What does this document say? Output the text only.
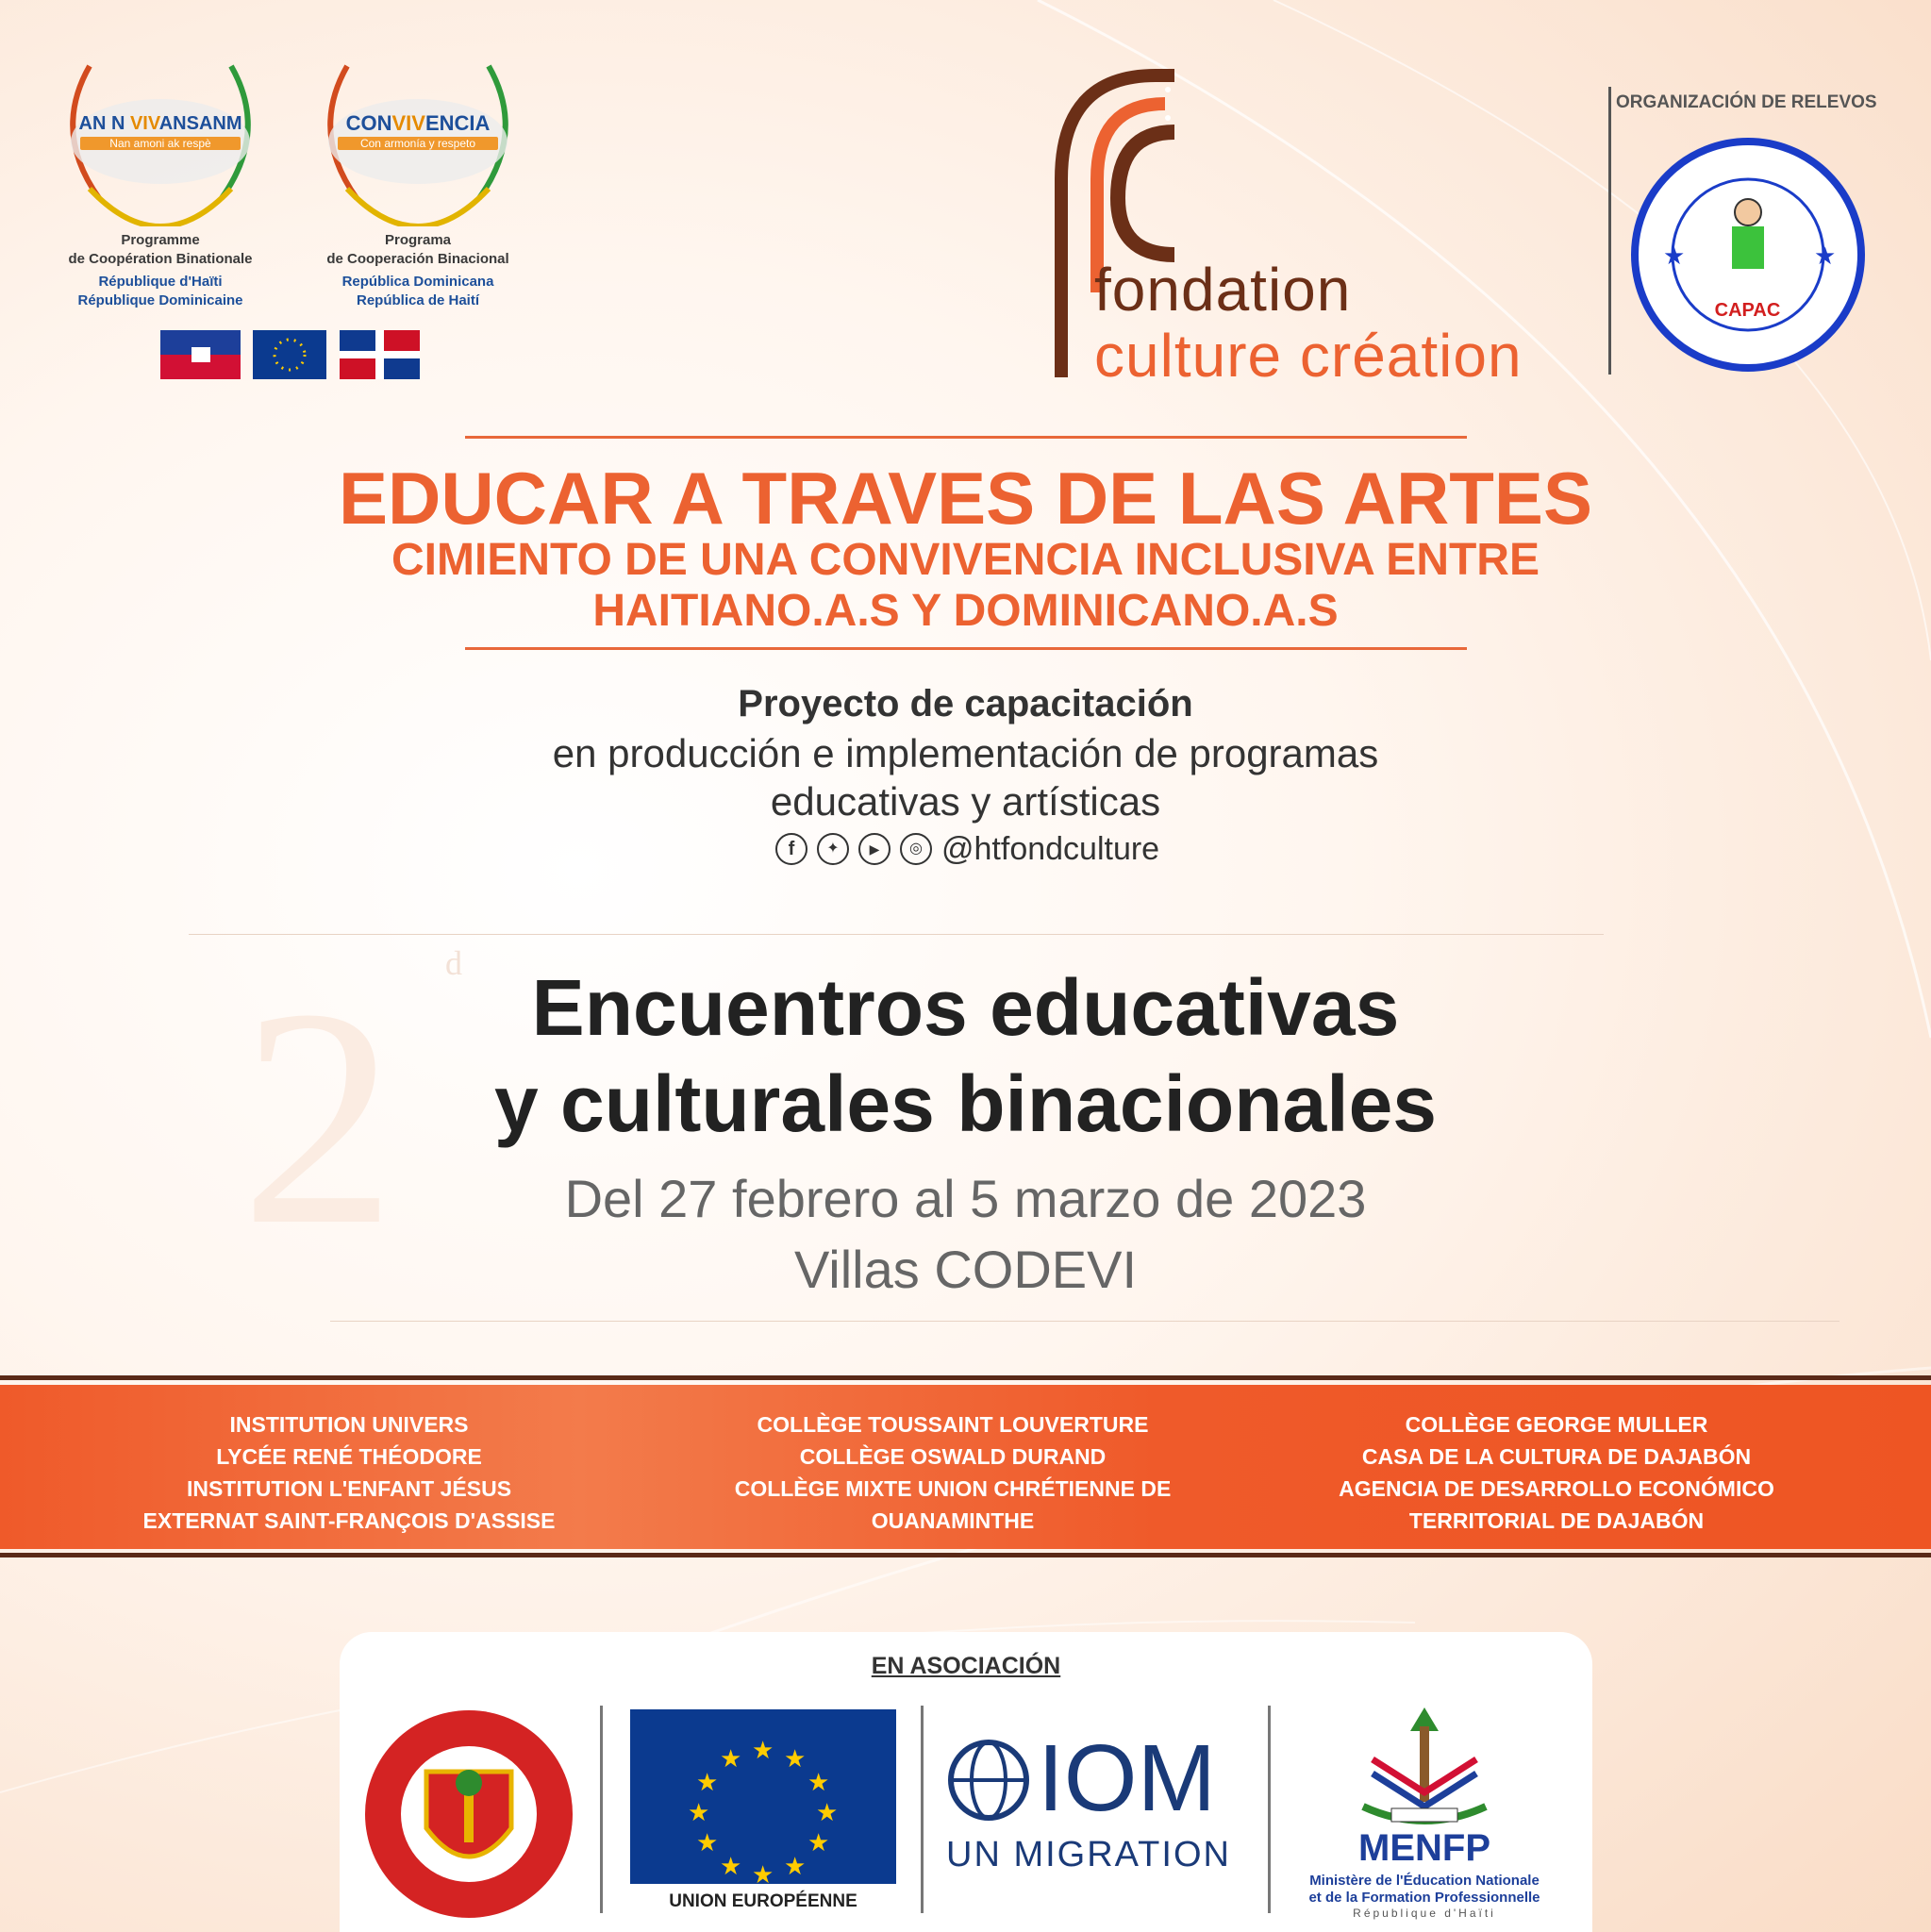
AN N VIVANSANM
Nan amoni ak respè
Programme
de Coopération Binationale
République d'Haïti
République Dominicaine
CONVIVENCIA
Con armonía y respeto
Programa
de Cooperación Binacional
República Dominicana
República de Haití	fondation
culture création
ORGANIZACIÓN DE RELEVOS
★	★
CAPAC
EDUCAR A TRAVES DE LAS ARTES
CIMIENTO DE UNA CONVIVENCIA INCLUSIVA ENTRE
HAITIANO.A.S Y DOMINICANO.A.S
Proyecto de capacitación
en producción e implementación de programas
educativas y artísticas
f	✦	▶	◎ @htfondculture
2 d Encuentros educativas
y culturales binacionales
Del 27 febrero al 5 marzo de 2023
Villas CODEVI
INSTITUTION UNIVERS
LYCÉE RENÉ THÉODORE
INSTITUTION L'ENFANT JÉSUS
EXTERNAT SAINT-FRANÇOIS D'ASSISE
COLLÈGE TOUSSAINT LOUVERTURE
COLLÈGE OSWALD DURAND
COLLÈGE MIXTE UNION CHRÉTIENNE DE
OUANAMINTHE
COLLÈGE GEORGE MULLER
CASA DE LA CULTURA DE DAJABÓN
AGENCIA DE DESARROLLO ECONÓMICO
TERRITORIAL DE DAJABÓN
EN ASOCIACIÓN
★ ★
★
★
★
★
★
★
★
★
★
★
UNION EUROPÉENNE
IOM
UN MIGRATION	MENFP
Ministère de l'Éducation Nationale
et de la Formation Professionnelle
République d'Haïti
